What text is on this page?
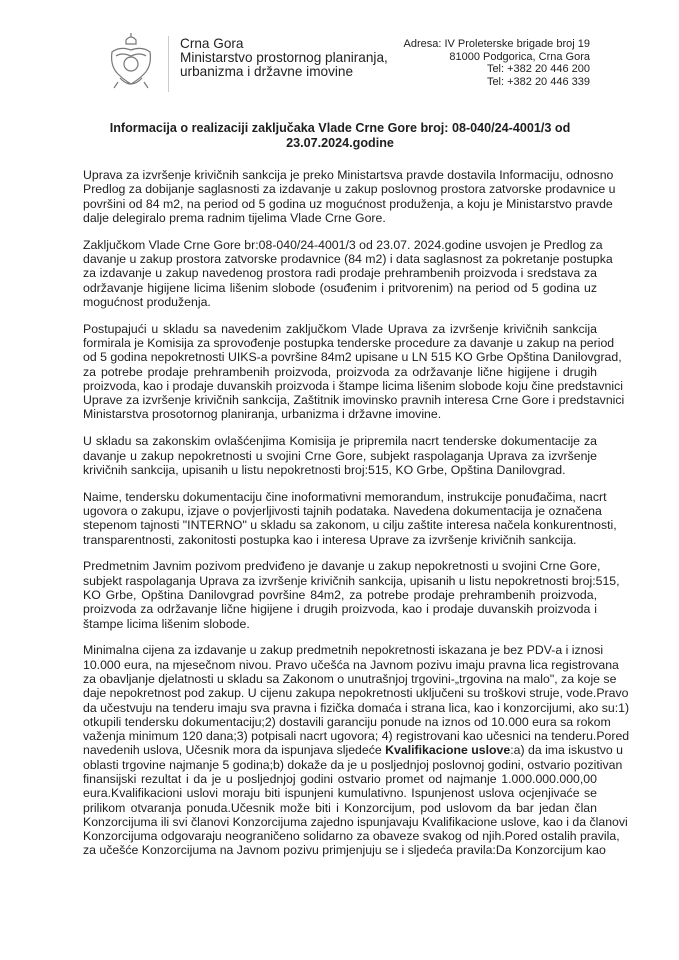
Crna Gora
Ministarstvo prostornog planiranja,
urbanizma i državne imovine
Adresa: IV Proleterske brigade broj 19
81000 Podgorica, Crna Gora
Tel: +382 20 446 200
Tel: +382 20 446 339
Informacija o realizaciji zaključaka Vlade Crne Gore broj: 08-040/24-4001/3 od
23.07.2024.godine
Uprava za izvršenje krivičnih sankcija je preko Ministartsva pravde dostavila Informaciju, odnosno
Predlog za dobijanje saglasnosti za izdavanje u zakup poslovnog prostora zatvorske prodavnice u
površini od 84 m2, na period od 5 godina uz mogućnost produženja, a koju je Ministarstvo pravde
dalje delegiralo prema radnim tijelima Vlade Crne Gore.
Zaključkom Vlade Crne Gore br:08-040/24-4001/3 od 23.07. 2024.godine usvojen je Predlog za
davanje u zakup prostora zatvorske prodavnice (84 m2) i data saglasnost za pokretanje postupka
za izdavanje u zakup navedenog prostora radi prodaje prehrambenih proizvoda i sredstava za
održavanje higijene licima lišenim slobode (osuđenim i pritvorenim) na period od 5 godina uz
mogućnost produženja.
Postupajući u skladu sa navedenim zaključkom Vlade Uprava za izvršenje krivičnih sankcija
formirala je Komisija za sprovođenje postupka tenderske procedure za davanje u zakup na period
od 5 godina nepokretnosti UIKS-a površine 84m2 upisane u LN 515 KO Grbe Opština Danilovgrad,
za potrebe prodaje prehrambenih proizvoda, proizvoda za održavanje lične higijene i drugih
proizvoda, kao i prodaje duvanskih proizvoda i štampe licima lišenim slobode koju čine predstavnici
Uprave za izvršenje krivičnih sankcija, Zaštitnik imovinsko pravnih interesa Crne Gore i predstavnici
Ministarstva prosotornog planiranja, urbanizma i državne imovine.
U skladu sa zakonskim ovlašćenjima Komisija je pripremila nacrt tenderske dokumentacije za
davanje u zakup nepokretnosti u svojini Crne Gore, subjekt raspolaganja Uprava za izvršenje
krivičnih sankcija, upisanih u listu nepokretnosti broj:515, KO Grbe, Opština Danilovgrad.
Naime, tendersku dokumentaciju čine inoformativni memorandum, instrukcije ponuđačima, nacrt
ugovora o zakupu, izjave o povjerljivosti tajnih podataka. Navedena dokumentacija je označena
stepenom tajnosti "INTERNO" u skladu sa zakonom, u cilju zaštite interesa načela konkurentnosti,
transparentnosti, zakonitosti postupka kao i interesa Uprave za izvršenje krivičnih sankcija.
Predmetnim Javnim pozivom predviđeno je davanje u zakup nepokretnosti u svojini Crne Gore,
subjekt raspolaganja Uprava za izvršenje krivičnih sankcija, upisanih u listu nepokretnosti broj:515,
KO Grbe, Opština Danilovgrad površine 84m2, za potrebe prodaje prehrambenih proizvoda,
proizvoda za održavanje lične higijene i drugih proizvoda, kao i prodaje duvanskih proizvoda i
štampe licima lišenim slobode.
Minimalna cijena za izdavanje u zakup predmetnih nepokretnosti iskazana je bez PDV-a i iznosi
10.000 eura, na mjesečnom nivou. Pravo učešća na Javnom pozivu imaju pravna lica registrovana
za obavljanje djelatnosti u skladu sa Zakonom o unutrašnjoj trgovini-„trgovina na malo", za koje se
daje nepokretnost pod zakup. U cijenu zakupa nepokretnosti uključeni su troškovi struje, vode.Pravo
da učestvuju na tenderu imaju sva pravna i fizička domaća i strana lica, kao i konzorcijumi, ako su:1)
otkupili tendersku dokumentaciju;2) dostavili garanciju ponude na iznos od 10.000 eura sa rokom
važenja minimum 120 dana;3) potpisali nacrt ugovora; 4) registrovani kao učesnici na tenderu.Pored
navedenih uslova, Učesnik mora da ispunjava sljedeće Kvalifikacione uslove:a) da ima iskustvo u
oblasti trgovine najmanje 5 godina;b) dokaže da je u posljednjoj poslovnoj godini, ostvario pozitivan
finansijski rezultat i da je u posljednjoj godini ostvario promet od najmanje 1.000.000.000,00
eura.Kvalifikacioni uslovi moraju biti ispunjeni kumulativno. Ispunjenost uslova ocjenjivaće se
prilikom otvaranja ponuda.Učesnik može biti i Konzorcijum, pod uslovom da bar jedan član
Konzorcijuma ili svi članovi Konzorcijuma zajedno ispunjavaju Kvalifikacione uslove, kao i da članovi
Konzorcijuma odgovaraju neograničeno solidarno za obaveze svakog od njih.Pored ostalih pravila,
za učešće Konzorcijuma na Javnom pozivu primjenjuju se i sljedeća pravila:Da Konzorcijum kao
